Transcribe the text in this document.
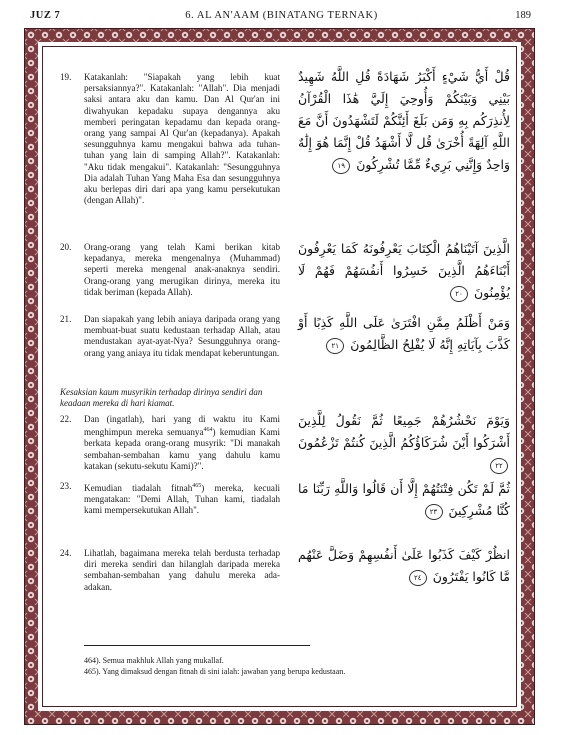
JUZ 7	6. AL AN'AAM (BINATANG TERNAK)	189
19.	Katakanlah: "Siapakah yang lebih kuat persaksiannya?". Katakanlah: "Allah". Dia menjadi saksi antara aku dan kamu. Dan Al Qur'an ini diwahyukan kepadaku supaya dengannya aku memberi peringatan kepadamu dan kepada orang-orang yang sampai Al Qur'an (kepadanya). Apakah sesungguhnya kamu mengakui bahwa ada tuhan-tuhan yang lain di samping Allah?". Katakanlah: "Aku tidak mengakui". Katakanlah: "Sesungguhnya Dia adalah Tuhan Yang Maha Esa dan sesungguhnya aku berlepas diri dari apa yang kamu persekutukan (dengan Allah)".
قُلْ أَيُّ شَيْءٍ أَكْبَرُ شَهَادَةً قُلِ اللَّهُ شَهِيدٌ بَيْنِي وَبَيْنَكُمْ وَأُوحِيَ إِلَيَّ هَٰذَا الْقُرْآنُ لِأُنذِرَكُم بِهِ وَمَن بَلَغَ أَئِنَّكُمْ لَتَشْهَدُونَ أَنَّ مَعَ اللَّهِ آلِهَةً أُخْرَىٰ قُل لَّا أَشْهَدُ قُلْ إِنَّمَا هُوَ إِلَٰهٌ وَاحِدٌ وَإِنَّنِي بَرِيءٌ مِّمَّا تُشْرِكُونَ ١٩
20.	Orang-orang yang telah Kami berikan kitab kepadanya, mereka mengenalnya (Muhammad) seperti mereka mengenal anak-anaknya sendiri. Orang-orang yang merugikan dirinya, mereka itu tidak beriman (kepada Allah).
الَّذِينَ آتَيْنَاهُمُ الْكِتَابَ يَعْرِفُونَهُ كَمَا يَعْرِفُونَ أَبْنَاءَهُمُ الَّذِينَ خَسِرُوا أَنفُسَهُمْ فَهُمْ لَا يُؤْمِنُونَ ٢٠
21.	Dan siapakah yang lebih aniaya daripada orang yang membuat-buat suatu kedustaan terhadap Allah, atau mendustakan ayat-ayat-Nya? Sesungguhnya orang-orang yang aniaya itu tidak mendapat keberuntungan.
وَمَنْ أَظْلَمُ مِمَّنِ افْتَرَىٰ عَلَى اللَّهِ كَذِبًا أَوْ كَذَّبَ بِآيَاتِهِ إِنَّهُ لَا يُفْلِحُ الظَّالِمُونَ ٢١
Kesaksian kaum musyrikin terhadap dirinya sendiri dan keadaan mereka di hari kiamat.
22.	Dan (ingatlah), hari yang di waktu itu Kami menghimpun mereka semuanya$^{464}$) kemudian Kami berkata kepada orang-orang musyrik: "Di manakah sembahan-sembahan kamu yang dahulu kamu katakan (sekutu-sekutu Kami)?".
وَيَوْمَ نَحْشُرُهُمْ جَمِيعًا ثُمَّ نَقُولُ لِلَّذِينَ أَشْرَكُوا أَيْنَ شُرَكَاؤُكُمُ الَّذِينَ كُنتُمْ تَزْعُمُونَ ٢٢
23.	Kemudian tiadalah fitnah$^{465}$) mereka, kecuali mengatakan: "Demi Allah, Tuhan kami, tiadalah kami mempersekutukan Allah".
ثُمَّ لَمْ تَكُن فِتْنَتُهُمْ إِلَّا أَن قَالُوا وَاللَّهِ رَبِّنَا مَا كُنَّا مُشْرِكِينَ ٢٣
24.	Lihatlah, bagaimana mereka telah berdusta terhadap diri mereka sendiri dan hilanglah daripada mereka sembahan-sembahan yang dahulu mereka ada-adakan.
انظُرْ كَيْفَ كَذَبُوا عَلَىٰ أَنفُسِهِمْ وَضَلَّ عَنْهُم مَّا كَانُوا يَفْتَرُونَ ٢٤
464). Semua makhluk Allah yang mukallaf.
465). Yang dimaksud dengan fitnah di sini ialah: jawaban yang berupa kedustaan.
